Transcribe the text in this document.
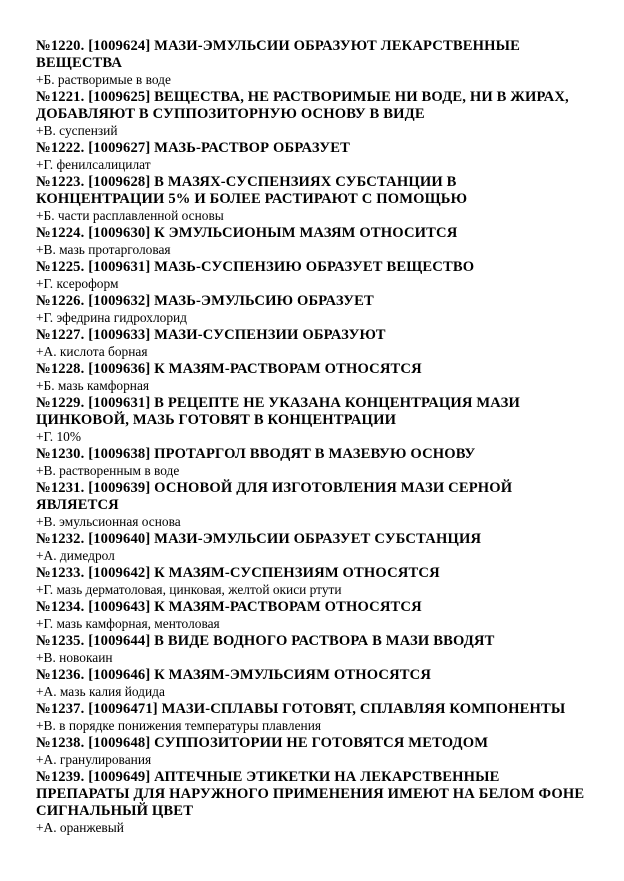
№1220. [1009624] МАЗИ-ЭМУЛЬСИИ ОБРАЗУЮТ ЛЕКАРСТВЕННЫЕ
ВЕЩЕСТВА
+Б. растворимые в воде
№1221. [1009625] ВЕЩЕСТВА, НЕ РАСТВОРИМЫЕ НИ ВОДЕ, НИ В ЖИРАХ,
ДОБАВЛЯЮТ В СУППОЗИТОРНУЮ ОСНОВУ В ВИДЕ
+В. суспензий
№1222. [1009627] МАЗЬ-РАСТВОР ОБРАЗУЕТ
+Г. фенилсалицилат
№1223. [1009628] В МАЗЯХ-СУСПЕНЗИЯХ СУБСТАНЦИИ В
КОНЦЕНТРАЦИИ 5% И БОЛЕЕ РАСТИРАЮТ С ПОМОЩЬЮ
+Б. части расплавленной основы
№1224. [1009630] К ЭМУЛЬСИОНЫМ МАЗЯМ ОТНОСИТСЯ
+В. мазь протарголовая
№1225. [1009631] МАЗЬ-СУСПЕНЗИЮ ОБРАЗУЕТ ВЕЩЕСТВО
+Г. ксероформ
№1226. [1009632] МАЗЬ-ЭМУЛЬСИЮ ОБРАЗУЕТ
+Г. эфедрина гидрохлорид
№1227. [1009633] МАЗИ-СУСПЕНЗИИ ОБРАЗУЮТ
+А. кислота борная
№1228. [1009636] К МАЗЯМ-РАСТВОРАМ ОТНОСЯТСЯ
+Б. мазь камфорная
№1229. [1009631] В РЕЦЕПТЕ НЕ УКАЗАНА КОНЦЕНТРАЦИЯ МАЗИ
ЦИНКОВОЙ, МАЗЬ ГОТОВЯТ В КОНЦЕНТРАЦИИ
+Г. 10%
№1230. [1009638] ПРОТАРГОЛ ВВОДЯТ В МАЗЕВУЮ ОСНОВУ
+В. растворенным в воде
№1231. [1009639] ОСНОВОЙ ДЛЯ ИЗГОТОВЛЕНИЯ МАЗИ СЕРНОЙ
ЯВЛЯЕТСЯ
+В. эмульсионная основа
№1232. [1009640] МАЗИ-ЭМУЛЬСИИ ОБРАЗУЕТ СУБСТАНЦИЯ
+А. димедрол
№1233. [1009642] К МАЗЯМ-СУСПЕНЗИЯМ ОТНОСЯТСЯ
+Г. мазь дерматоловая, цинковая, желтой окиси ртути
№1234. [1009643] К МАЗЯМ-РАСТВОРАМ ОТНОСЯТСЯ
+Г. мазь камфорная, ментоловая
№1235. [1009644] В ВИДЕ ВОДНОГО РАСТВОРА В МАЗИ ВВОДЯТ
+В. новокаин
№1236. [1009646] К МАЗЯМ-ЭМУЛЬСИЯМ ОТНОСЯТСЯ
+А. мазь калия йодида
№1237. [10096471] МАЗИ-СПЛАВЫ ГОТОВЯТ, СПЛАВЛЯЯ КОМПОНЕНТЫ
+В. в порядке понижения температуры плавления
№1238. [1009648] СУППОЗИТОРИИ НЕ ГОТОВЯТСЯ МЕТОДОМ
+А. гранулирования
№1239. [1009649] АПТЕЧНЫЕ ЭТИКЕТКИ НА ЛЕКАРСТВЕННЫЕ
ПРЕПАРАТЫ ДЛЯ НАРУЖНОГО ПРИМЕНЕНИЯ ИМЕЮТ НА БЕЛОМ ФОНЕ
СИГНАЛЬНЫЙ ЦВЕТ
+А. оранжевый
